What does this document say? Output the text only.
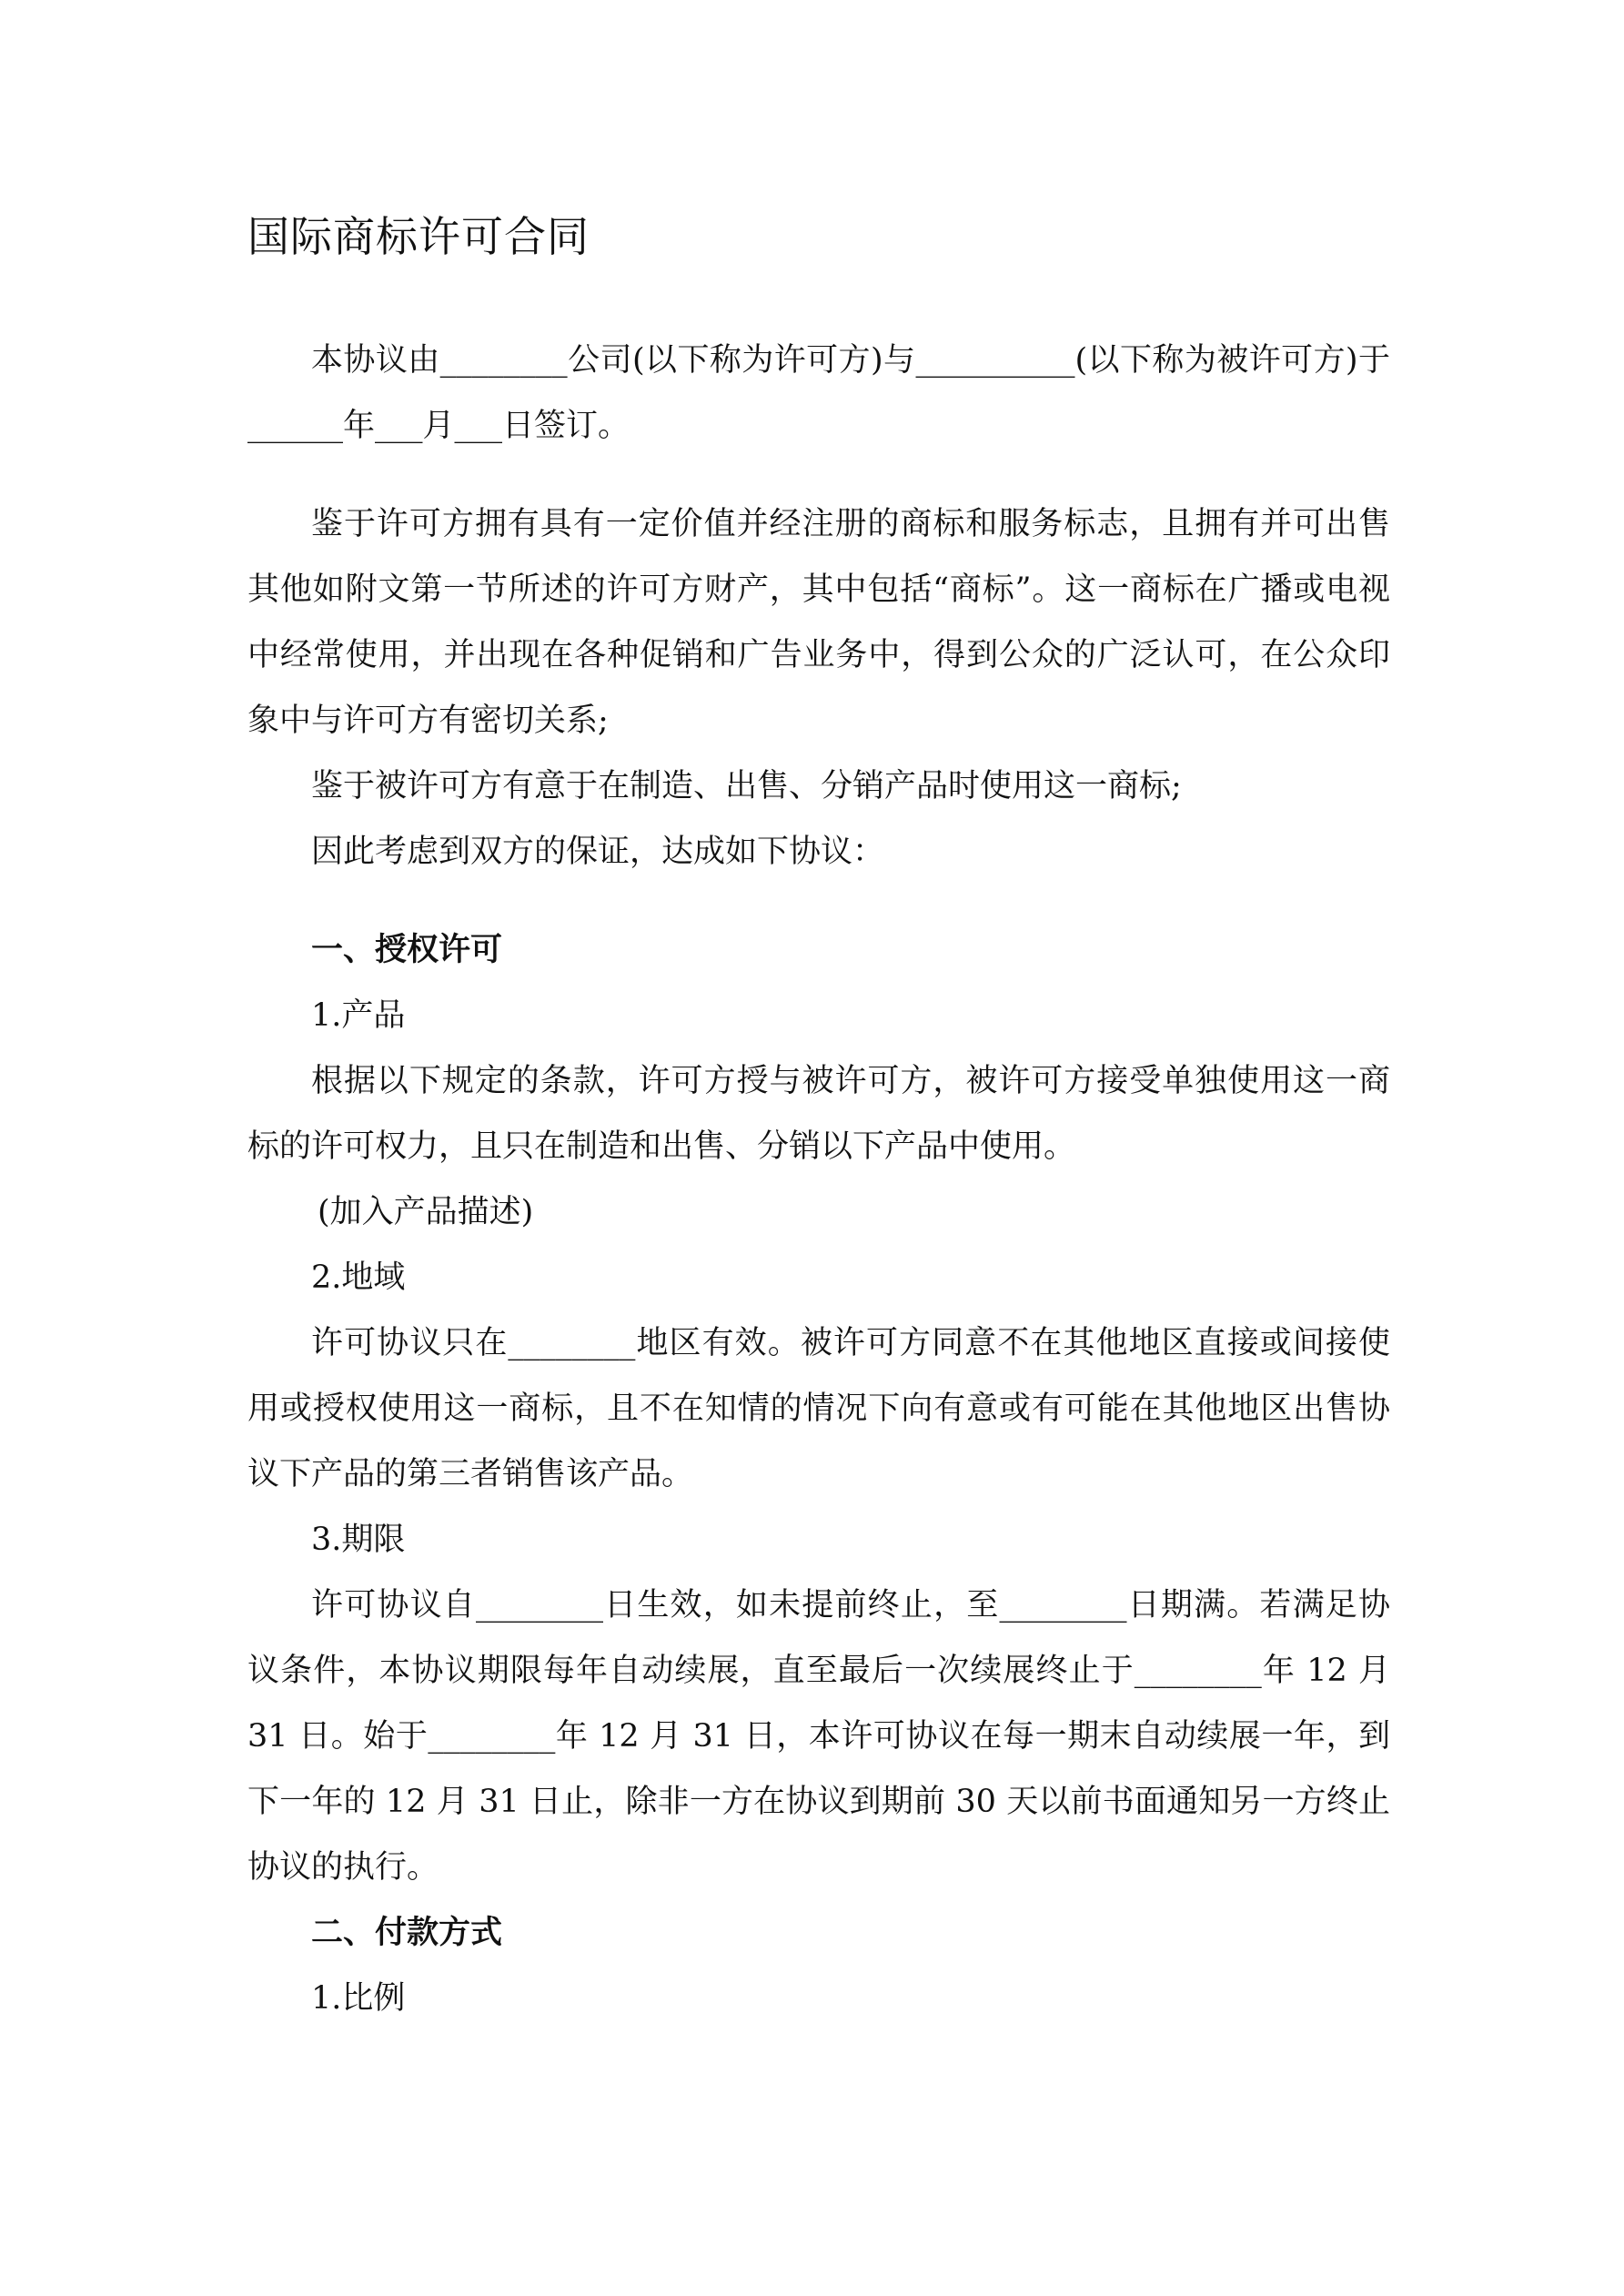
国际商标许可合同

本协议由________公司(以下称为许可方)与__________(以下称为被许可方)于______年___月___日签订。

鉴于许可方拥有具有一定价值并经注册的商标和服务标志，且拥有并可出售其他如附文第一节所述的许可方财产，其中包括“商标”。这一商标在广播或电视中经常使用，并出现在各种促销和广告业务中，得到公众的广泛认可，在公众印象中与许可方有密切关系;

鉴于被许可方有意于在制造、出售、分销产品时使用这一商标;

因此考虑到双方的保证，达成如下协议：

一、授权许可

1.产品

根据以下规定的条款，许可方授与被许可方，被许可方接受单独使用这一商标的许可权力，且只在制造和出售、分销以下产品中使用。

(加入产品描述)

2.地域

许可协议只在________地区有效。被许可方同意不在其他地区直接或间接使用或授权使用这一商标，且不在知情的情况下向有意或有可能在其他地区出售协议下产品的第三者销售该产品。

3.期限

许可协议自________日生效，如未提前终止，至________日期满。若满足协议条件，本协议期限每年自动续展，直至最后一次续展终止于________年 12 月 31 日。始于________年 12 月 31 日，本许可协议在每一期末自动续展一年，到下一年的 12 月 31 日止，除非一方在协议到期前 30 天以前书面通知另一方终止协议的执行。

二、付款方式

1.比例
